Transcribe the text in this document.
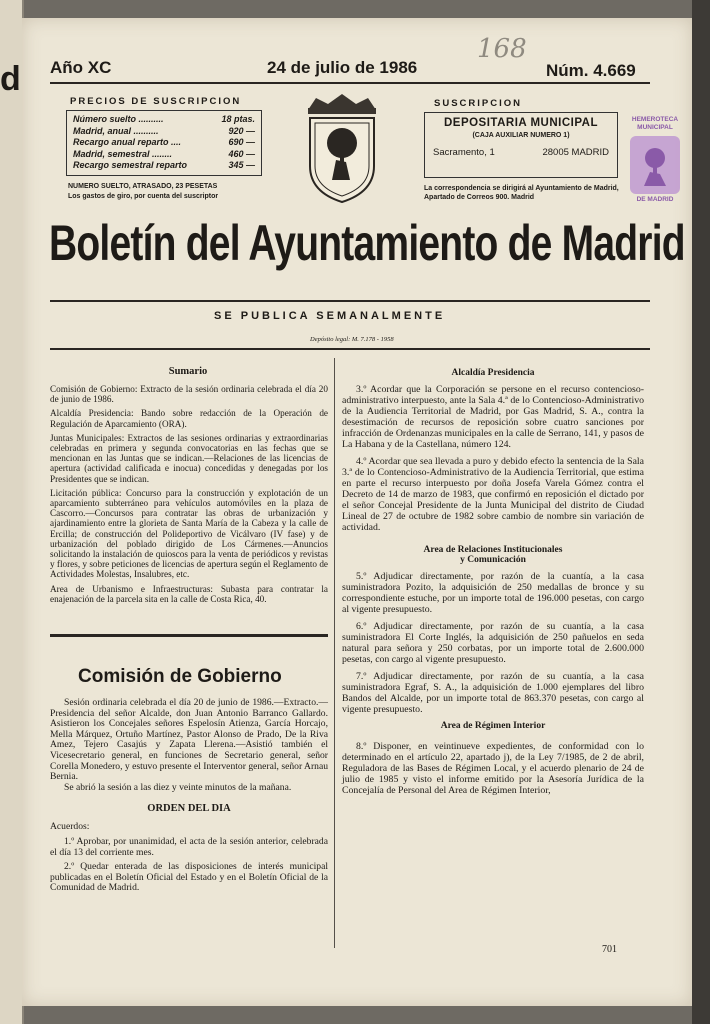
d
168
Año XC	24 de julio de 1986	Núm. 4.669
PRECIOS DE SUSCRIPCION
Número suelto ..........	18 ptas.
Madrid, anual ..........	920 —
Recargo anual reparto ....	690 —
Madrid, semestral ........	460 —
Recargo semestral reparto	345 —
NUMERO SUELTO, ATRASADO, 23 PESETAS
Los gastos de giro, por cuenta del suscriptor
SUSCRIPCION
DEPOSITARIA MUNICIPAL
(CAJA AUXILIAR NUMERO 1)
Sacramento, 1	28005 MADRID
La correspondencia se dirigirá al Ayuntamiento de Madrid, Apartado de Correos 900. Madrid
HEMEROTECA MUNICIPAL
DE MADRID
Boletín del Ayuntamiento de Madrid
SE PUBLICA SEMANALMENTE
Depósito legal: M. 7.178 - 1958
Sumario

Comisión de Gobierno: Extracto de la sesión ordinaria celebrada el día 20 de junio de 1986.

Alcaldía Presidencia: Bando sobre redacción de la Operación de Regulación de Aparcamiento (ORA).

Juntas Municipales: Extractos de las sesiones ordinarias y extraordinarias celebradas en primera y segunda convocatorias en las fechas que se mencionan en las Juntas que se indican.—Relaciones de las licencias de apertura (actividad calificada e inocua) concedidas y denegadas por los Presidentes que se indican.

Licitación pública: Concurso para la construcción y explotación de un aparcamiento subterráneo para vehículos automóviles en la plaza de Cascorro.—Concursos para contratar las obras de urbanización y ajardinamiento entre la glorieta de Santa María de la Cabeza y la calle de Ercilla; de construcción del Polideportivo de Vicálvaro (IV fase) y de urbanización del poblado dirigido de Los Cármenes.—Anuncios solicitando la instalación de quioscos para la venta de periódicos y revistas y flores, y sobre peticiones de licencias de apertura según el Reglamento de Actividades Molestas, Insalubres, etc.

Area de Urbanismo e Infraestructuras: Subasta para contratar la enajenación de la parcela sita en la calle de Costa Rica, 40.

Comisión de Gobierno

Sesión ordinaria celebrada el día 20 de junio de 1986.—Extracto.—Presidencia del señor Alcalde, don Juan Antonio Barranco Gallardo. Asistieron los Concejales señores Espelosín Atienza, García Horcajo, Mella Márquez, Ortuño Martínez, Pastor Alonso de Prado, De la Riva Amez, Tejero Casajús y Zapata Llerena.—Asistió también el Vicesecretario general, en funciones de Secretario general, señor Corella Monedero, y estuvo presente el Interventor general, señor Arnau Bernia.

Se abrió la sesión a las diez y veinte minutos de la mañana.

ORDEN DEL DIA

Acuerdos:

1.º Aprobar, por unanimidad, el acta de la sesión anterior, celebrada el día 13 del corriente mes.

2.º Quedar enterada de las disposiciones de interés municipal publicadas en el Boletín Oficial del Estado y en el Boletín Oficial de la Comunidad de Madrid.

Alcaldía Presidencia

3.º Acordar que la Corporación se persone en el recurso contencioso-administrativo interpuesto, ante la Sala 4.ª de lo Contencioso-Administrativo de la Audiencia Territorial de Madrid, por Gas Madrid, S. A., contra la desestimación de recursos de reposición sobre cuatro sanciones por infracción de Ordenanzas municipales en la calle de Serrano, 141, y pasos de La Habana y de la Castellana, número 124.

4.º Acordar que sea llevada a puro y debido efecto la sentencia de la Sala 3.ª de lo Contencioso-Administrativo de la Audiencia Territorial, que estima en parte el recurso interpuesto por doña Josefa Varela Gómez contra el Decreto de 14 de marzo de 1983, que confirmó en reposición el dictado por el señor Concejal Presidente de la Junta Municipal del distrito de Ciudad Lineal de 27 de octubre de 1982 sobre cambio de nombre sin variación de actividad.

Area de Relaciones Institucionales

y Comunicación

5.º Adjudicar directamente, por razón de la cuantía, a la casa suministradora Pozito, la adquisición de 250 medallas de bronce y su correspondiente estuche, por un importe total de 196.000 pesetas, con cargo al vigente presupuesto.

6.º Adjudicar directamente, por razón de su cuantía, a la casa suministradora El Corte Inglés, la adquisición de 250 pañuelos en seda natural para señora y 250 corbatas, por un importe total de 2.600.000 pesetas, con cargo al vigente presupuesto.

7.º Adjudicar directamente, por razón de su cuantía, a la casa suministradora Egraf, S. A., la adquisición de 1.000 ejemplares del libro Bandos del Alcalde, por un importe total de 863.370 pesetas, con cargo al vigente presupuesto.

Area de Régimen Interior

8.º Disponer, en veintinueve expedientes, de conformidad con lo determinado en el artículo 22, apartado j), de la Ley 7/1985, de 2 de abril, Reguladora de las Bases de Régimen Local, y el acuerdo plenario de 24 de julio de 1985 y visto el informe emitido por la Asesoría Jurídica de la Concejalía de Personal del Area de Régimen Interior,

701
